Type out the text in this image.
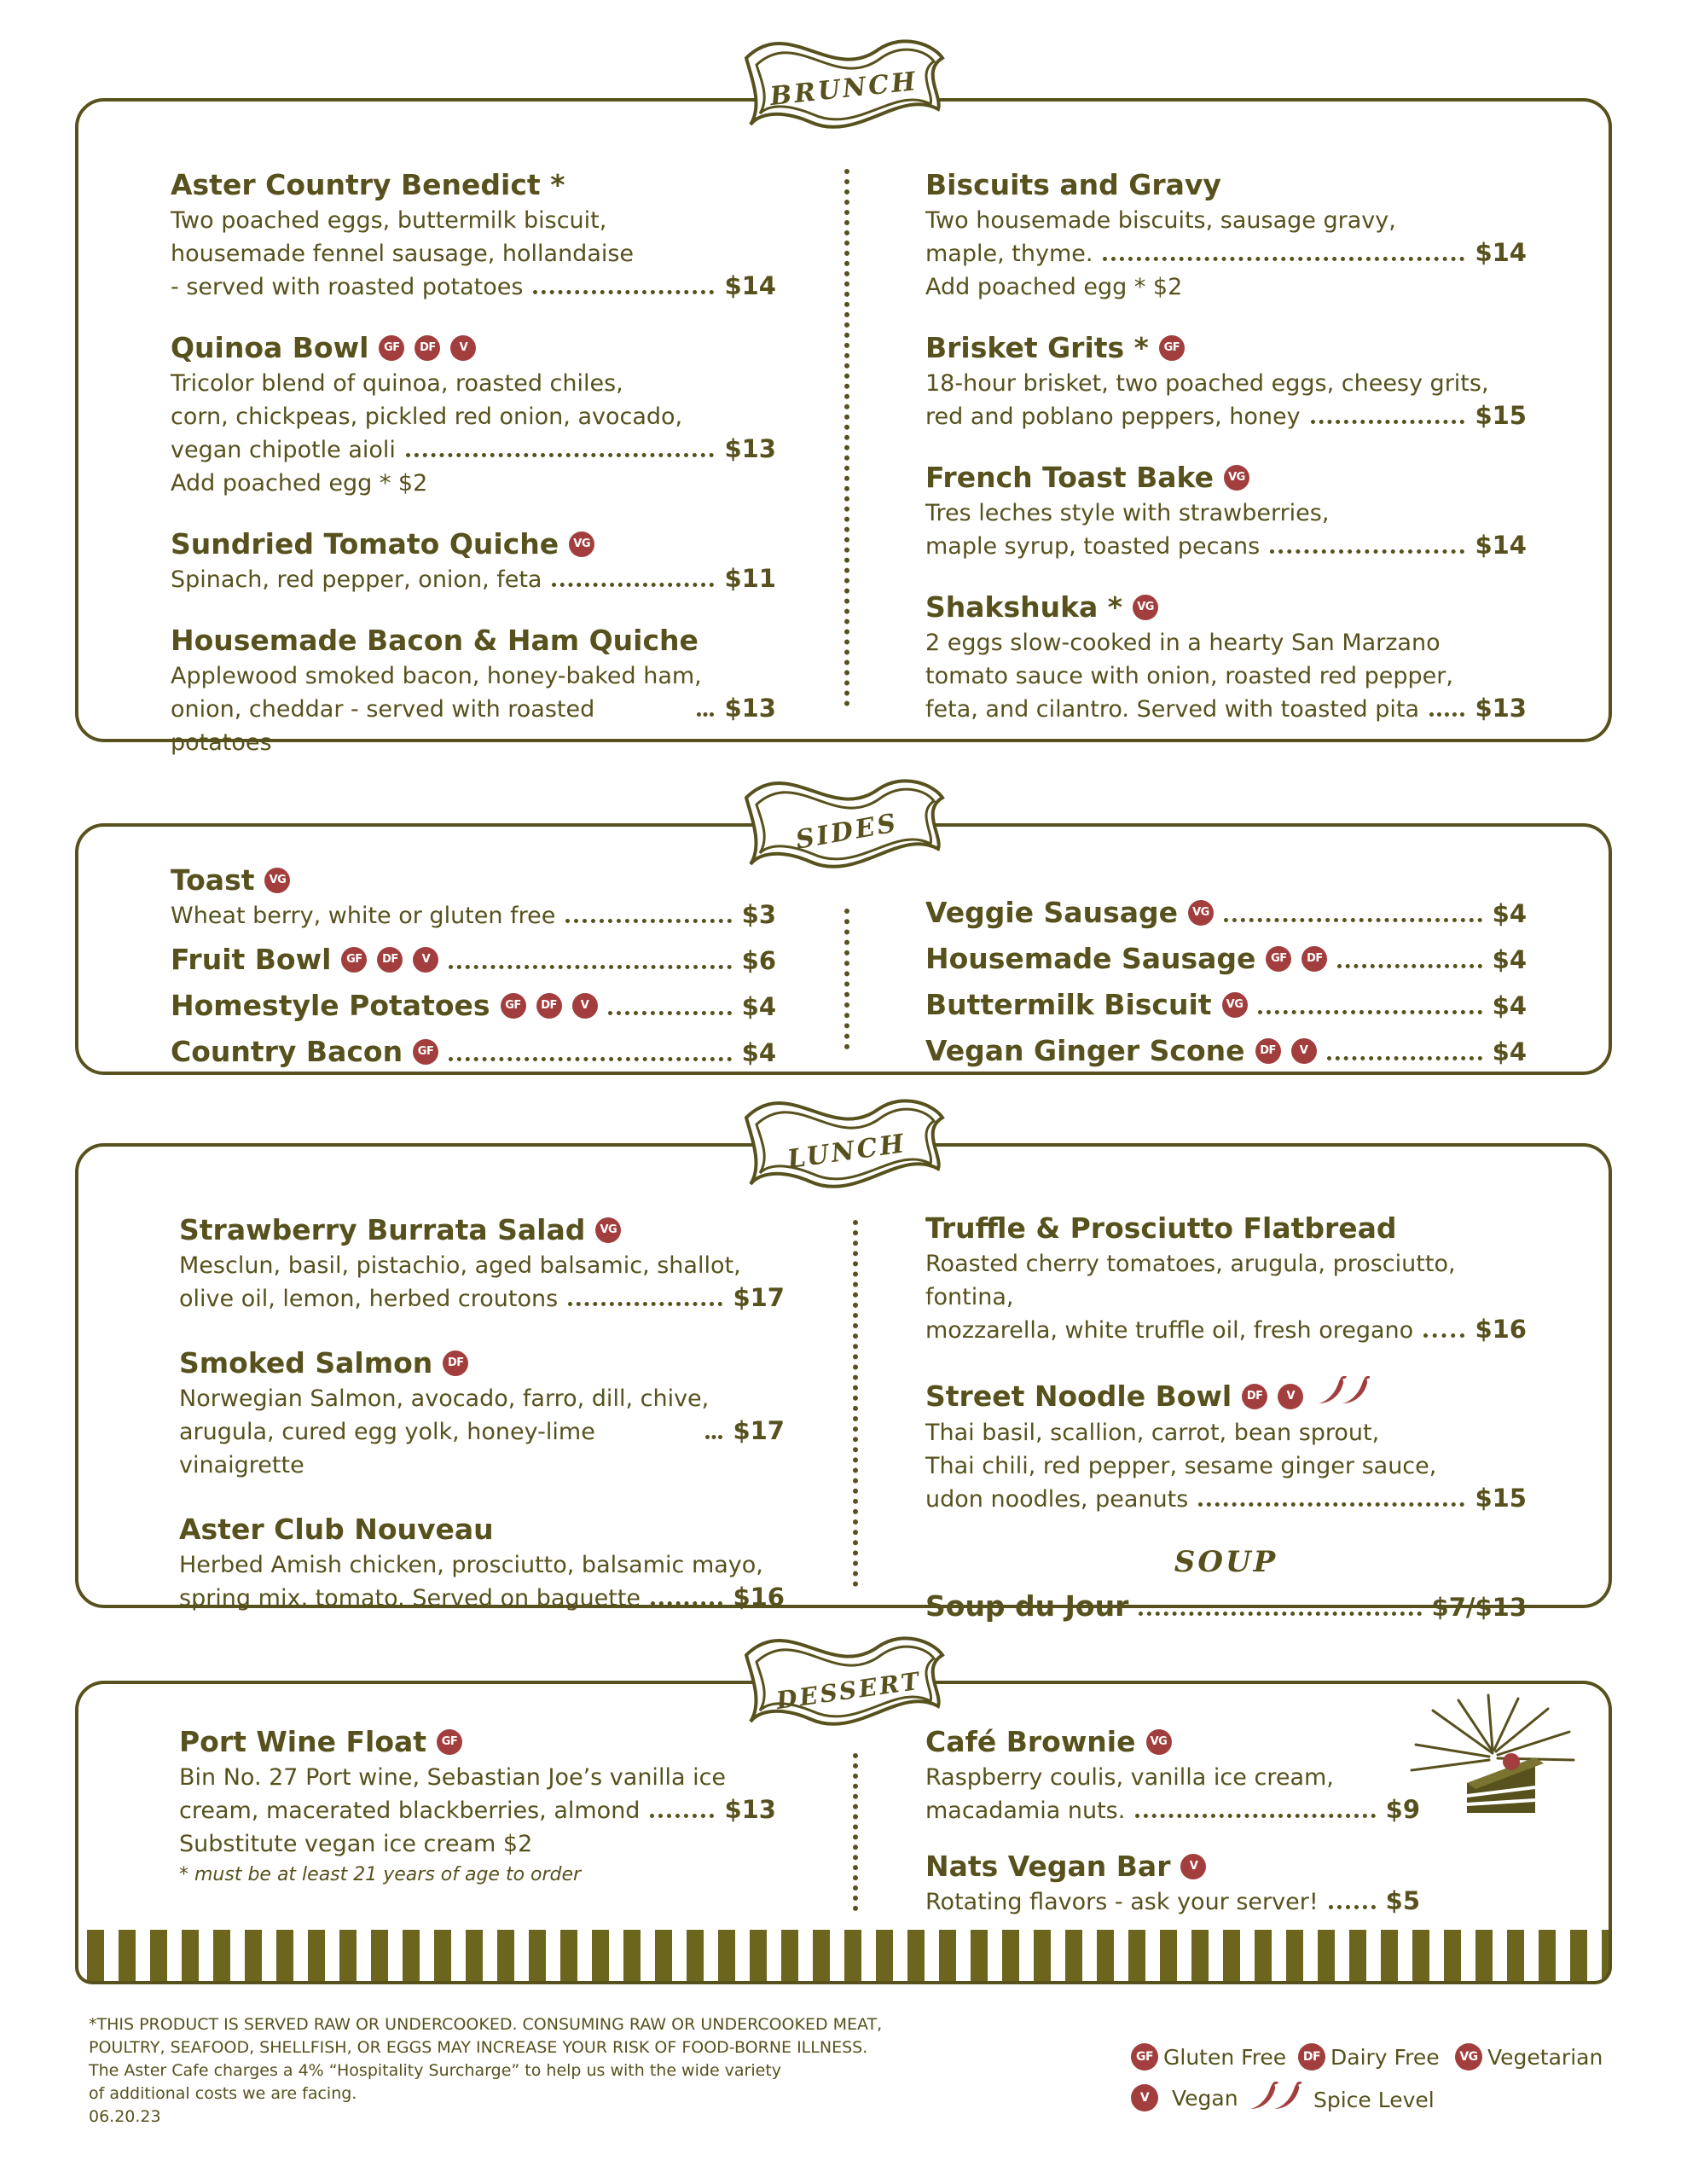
BRUNCH
Aster Country Benedict *
Two poached eggs, buttermilk biscuit,
housemade fennel sausage, hollandaise
- served with roasted potatoes	$14
Quinoa Bowl	GF	DF	V
Tricolor blend of quinoa, roasted chiles,
corn, chickpeas, pickled red onion, avocado,
vegan chipotle aioli	$13
Add poached egg * $2
Sundried Tomato Quiche	VG
Spinach, red pepper, onion, feta	$11
Housemade Bacon & Ham Quiche
Applewood smoked bacon, honey-baked ham,
onion, cheddar - served with roasted potatoes
$13
Biscuits and Gravy
Two housemade biscuits, sausage gravy,
maple, thyme.	$14
Add poached egg * $2
Brisket Grits *	GF
18-hour brisket, two poached eggs, cheesy grits,
red and poblano peppers, honey	$15
French Toast Bake	VG
Tres leches style with strawberries,
maple syrup, toasted pecans	$14
Shakshuka *	VG
2 eggs slow-cooked in a hearty San Marzano
tomato sauce with onion, roasted red pepper,
feta, and cilantro. Served with toasted pita $13
SIDES
Toast	VG
Wheat berry, white or gluten free	$3
Fruit Bowl	GF	DF	V	$6
Homestyle Potatoes	GF	DF	V	$4
Country Bacon	GF	$4
Veggie Sausage	VG	$4
Housemade Sausage	GF	DF	$4
Buttermilk Biscuit	VG	$4
Vegan Ginger Scone	DF	V	$4
LUNCH
Strawberry Burrata Salad	VG
Mesclun, basil, pistachio, aged balsamic, shallot,
olive oil, lemon, herbed croutons	$17
Smoked Salmon	DF
Norwegian Salmon, avocado, farro, dill, chive,
arugula, cured egg yolk, honey-lime vinaigrette
$17
Aster Club Nouveau
Herbed Amish chicken, prosciutto, balsamic mayo,
spring mix, tomato. Served on baguette	$16
Truffle & Prosciutto Flatbread
Roasted cherry tomatoes, arugula, prosciutto, fontina,
mozzarella, white truffle oil, fresh oregano $16
Street Noodle Bowl	DF	V
Thai basil, scallion, carrot, bean sprout,
Thai chili, red pepper, sesame ginger sauce,
udon noodles, peanuts	$15
SOUP
Soup du Jour	$7/$13
DESSERT
Port Wine Float	GF
Bin No. 27 Port wine, Sebastian Joe’s vanilla ice
cream, macerated blackberries, almond	$13
Substitute vegan ice cream $2
* must be at least 21 years of age to order
Café Brownie	VG
Raspberry coulis, vanilla ice cream,
macadamia nuts.	$9
Nats Vegan Bar	V
Rotating flavors - ask your server!	$5
*THIS PRODUCT IS SERVED RAW OR UNDERCOOKED. CONSUMING RAW OR UNDERCOOKED MEAT,
POULTRY, SEAFOOD, SHELLFISH, OR EGGS MAY INCREASE YOUR RISK OF FOOD-BORNE ILLNESS.
The Aster Cafe charges a 4% “Hospitality Surcharge” to help us with the wide variety
of additional costs we are facing.
06.20.23
GF Gluten Free	DF Dairy Free	VG Vegetarian
V	Vegan	Spice Level
